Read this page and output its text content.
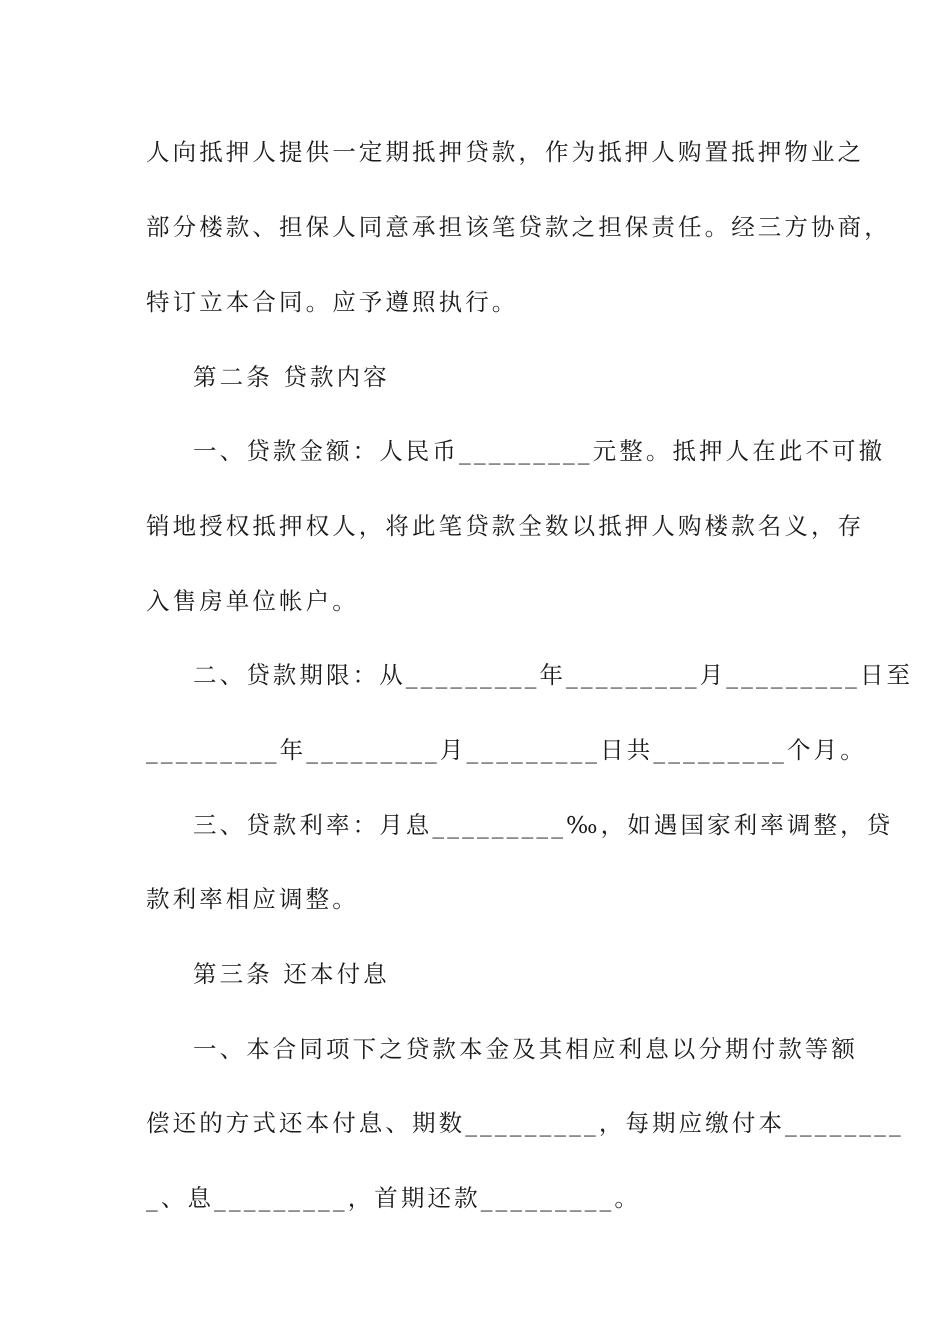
人向抵押人提供一定期抵押贷款，作为抵押人购置抵押物业之
部分楼款、担保人同意承担该笔贷款之担保责任。经三方协商，
特订立本合同。应予遵照执行。
第二条 贷款内容
一、贷款金额：人民币_________元整。抵押人在此不可撤
销地授权抵押权人，将此笔贷款全数以抵押人购楼款名义，存
入售房单位帐户。
二、贷款期限：从_________年_________月_________日至
_________年_________月_________日共_________个月。
三、贷款利率：月息_________‰，如遇国家利率调整，贷
款利率相应调整。
第三条 还本付息
一、本合同项下之贷款本金及其相应利息以分期付款等额
偿还的方式还本付息、期数_________，每期应缴付本________
_、息_________，首期还款_________。
